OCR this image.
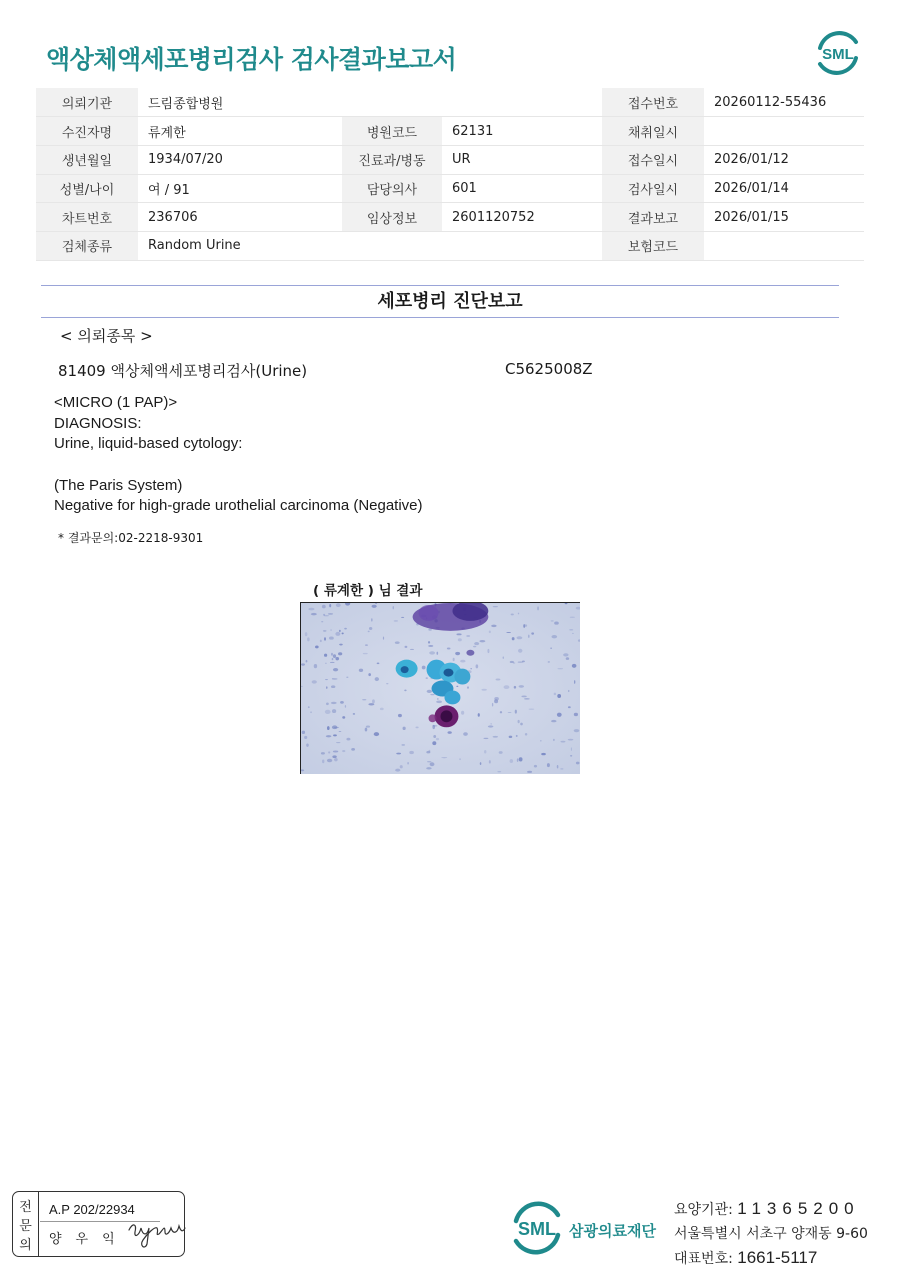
액상체액세포병리검사 검사결과보고서	SML
의뢰기관	드림종합병원			접수번호	20260112-55436
수진자명	류계한	병원코드	62131	채취일시	
생년월일	1934/07/20	진료과/병동	UR	접수일시	2026/01/12
성별/나이	여 / 91	담당의사	601	검사일시	2026/01/14
차트번호	236706	임상정보	2601120752	결과보고	2026/01/15
검체종류	Random Urine			보험코드	
세포병리 진단보고
< 의뢰종목 >
81409 액상체액세포병리검사(Urine)	C5625008Z
<MICRO (1 PAP)>
DIAGNOSIS:
Urine, liquid-based cytology:
(The Paris System)
Negative for high-grade urothelial carcinoma (Negative)
* 결과문의:02-2218-9301
( 류계한 ) 님 결과
전
문
의
A.P 202/22934
양우익
SML 삼광의료재단
요양기관: 11365200
서울특별시 서초구 양재동 9-60
대표번호: 1661-5117
